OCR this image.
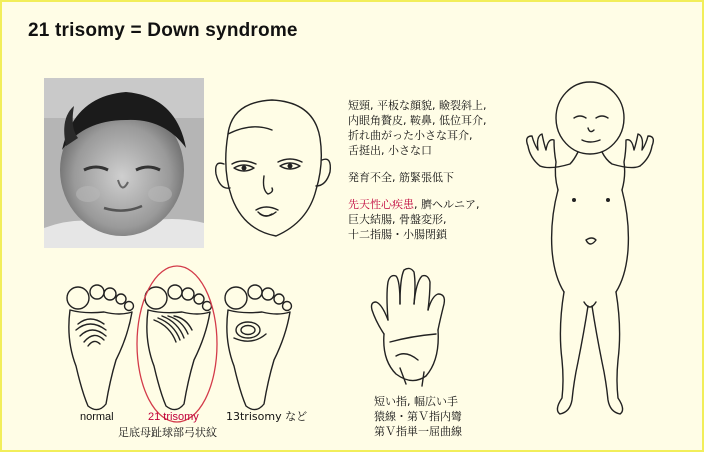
21 trisomy = Down syndrome
短頸, 平板な顔貌, 瞼裂斜上,
内眼角贅皮, 鞍鼻, 低位耳介,
折れ曲がった小さな耳介,
舌挺出, 小さな口
発育不全, 筋緊張低下
先天性心疾患, 臍ヘルニア,
巨大結腸, 骨盤変形,
十二指腸・小腸閉鎖
normal	21 trisomy 13trisomy など
足底母趾球部弓状紋
短い指, 幅広い手
猿線・第Ｖ指内彎
第Ｖ指単一屈曲線
